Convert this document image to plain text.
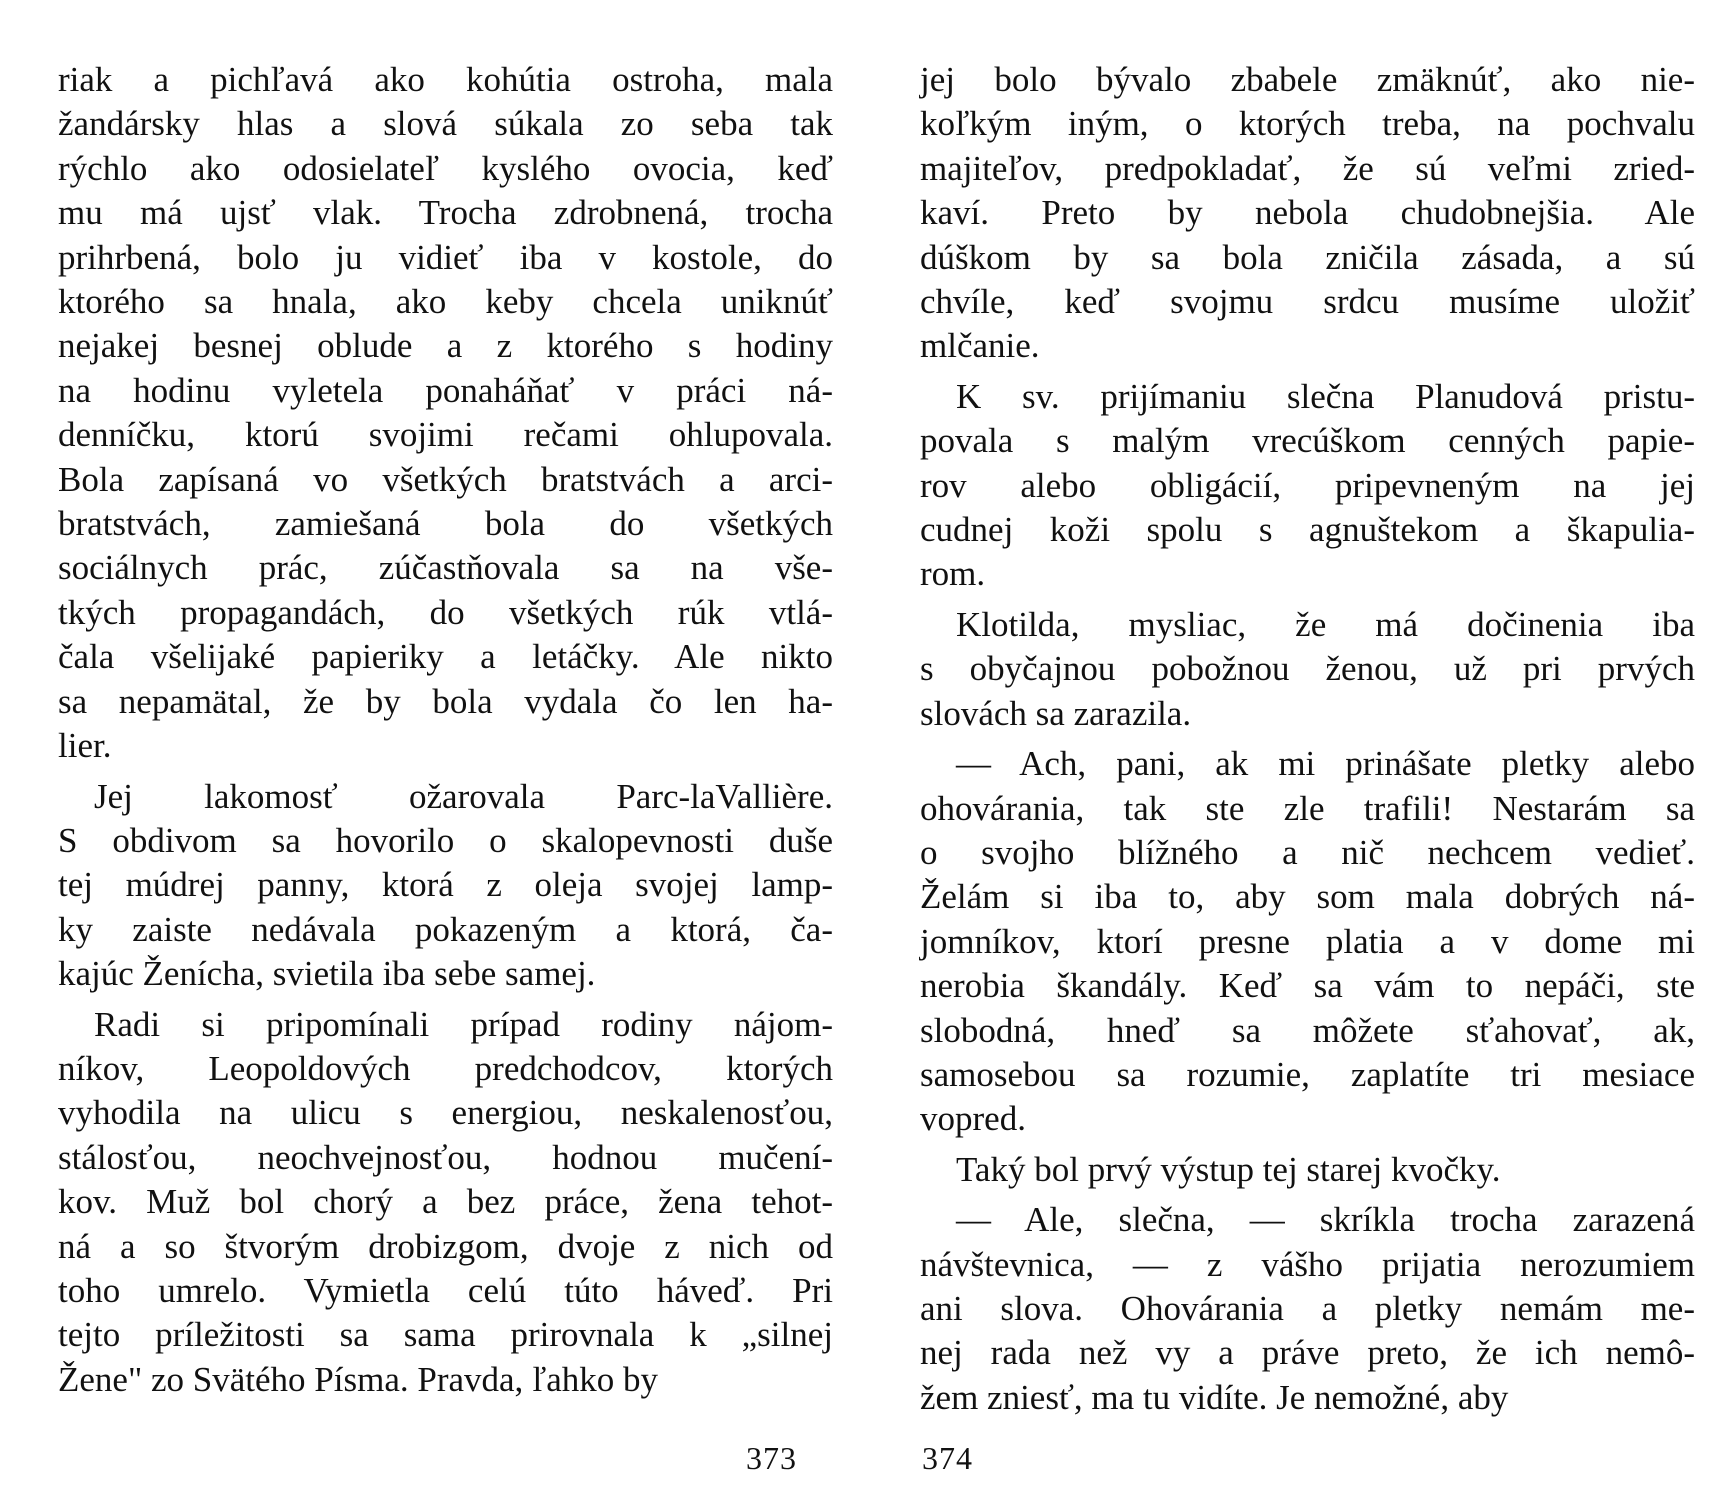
riak a pichľavá ako kohútia ostroha, mala
žandársky hlas a slová súkala zo seba tak
rýchlo ako odosielateľ kyslého ovocia, keď
mu má ujsť vlak. Trocha zdrobnená, trocha
prihrbená, bolo ju vidieť iba v kostole, do
ktorého sa hnala, ako keby chcela uniknúť
nejakej besnej oblude a z ktorého s hodiny
na hodinu vyletela ponaháňať v práci ná-
denníčku, ktorú svojimi rečami ohlupovala.
Bola zapísaná vo všetkých bratstvách a arci-
bratstvách, zamiešaná bola do všetkých
sociálnych prác, zúčastňovala sa na vše-
tkých propagandách, do všetkých rúk vtlá-
čala všelijaké papieriky a letáčky. Ale nikto
sa nepamätal, že by bola vydala čo len ha-
lier.
Jej lakomosť ožarovala Parc-laVallière.
S obdivom sa hovorilo o skalopevnosti duše
tej múdrej panny, ktorá z oleja svojej lamp-
ky zaiste nedávala pokazeným a ktorá, ča-
kajúc Ženícha, svietila iba sebe samej.
Radi si pripomínali prípad rodiny nájom-
níkov, Leopoldových predchodcov, ktorých
vyhodila na ulicu s energiou, neskalenosťou,
stálosťou, neochvejnosťou, hodnou mučení-
kov. Muž bol chorý a bez práce, žena tehot-
ná a so štvorým drobizgom, dvoje z nich od
toho umrelo. Vymietla celú túto háveď. Pri
tejto príležitosti sa sama prirovnala k „silnej
Žene" zo Svätého Písma. Pravda, ľahko by
jej bolo bývalo zbabele zmäknúť, ako nie-
koľkým iným, o ktorých treba, na pochvalu
majiteľov, predpokladať, že sú veľmi zried-
kaví. Preto by nebola chudobnejšia. Ale
dúškom by sa bola zničila zásada, a sú
chvíle, keď svojmu srdcu musíme uložiť
mlčanie.
K sv. prijímaniu slečna Planudová pristu-
povala s malým vrecúškom cenných papie-
rov alebo obligácií, pripevneným na jej
cudnej koži spolu s agnuštekom a škapulia-
rom.
Klotilda, mysliac, že má dočinenia iba
s obyčajnou pobožnou ženou, už pri prvých
slovách sa zarazila.
— Ach, pani, ak mi prinášate pletky alebo
ohovárania, tak ste zle trafili! Nestarám sa
o svojho blížného a nič nechcem vedieť.
Želám si iba to, aby som mala dobrých ná-
jomníkov, ktorí presne platia a v dome mi
nerobia škandály. Keď sa vám to nepáči, ste
slobodná, hneď sa môžete sťahovať, ak,
samosebou sa rozumie, zaplatíte tri mesiace
vopred.
Taký bol prvý výstup tej starej kvočky.
— Ale, slečna, — skríkla trocha zarazená
návštevnica, — z vášho prijatia nerozumiem
ani slova. Ohovárania a pletky nemám me-
nej rada než vy a práve preto, že ich nemô-
žem zniesť, ma tu vidíte. Je nemožné, aby
373	374
